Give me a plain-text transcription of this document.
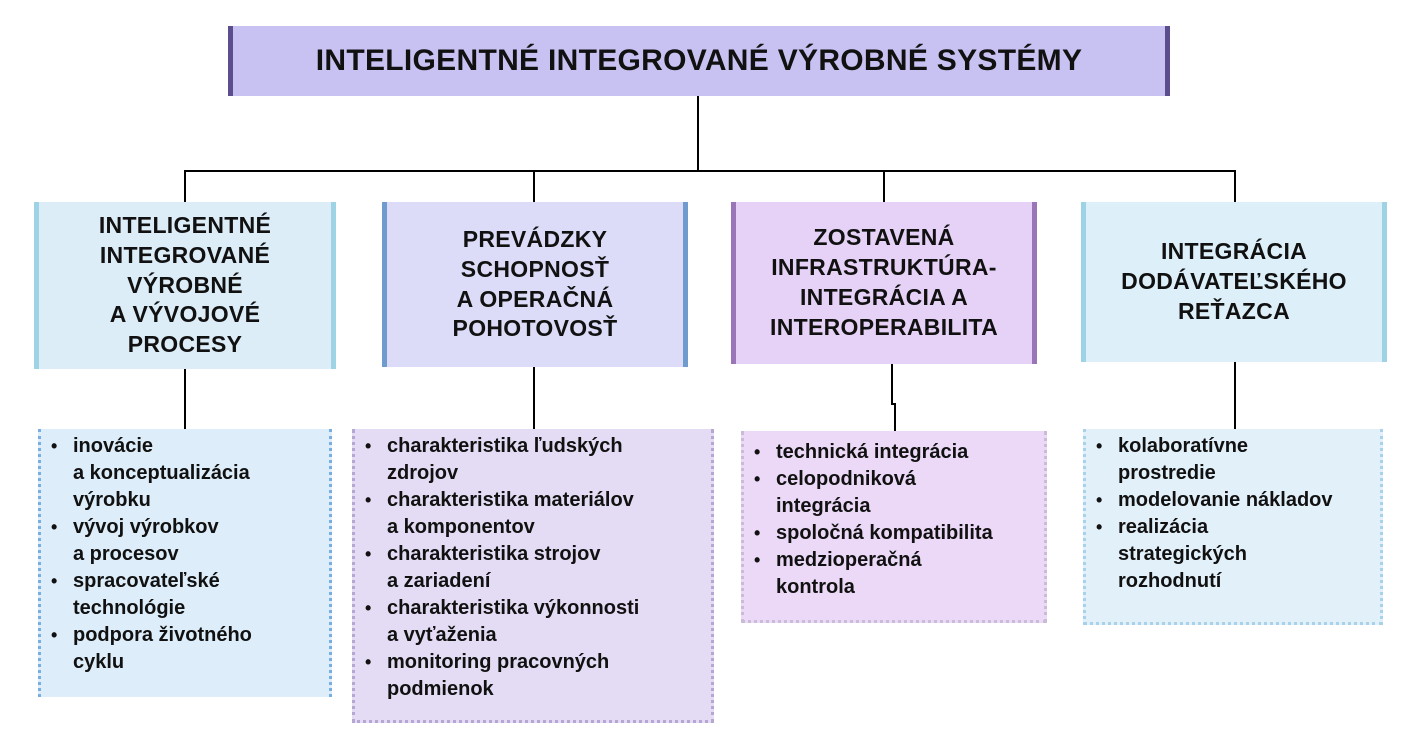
INTELIGENTNÉ INTEGROVANÉ VÝROBNÉ SYSTÉMY
INTELIGENTNÉ
INTEGROVANÉ
VÝROBNÉ
A VÝVOJOVÉ
PROCESY
PREVÁDZKY
SCHOPNOSŤ
A OPERAČNÁ
POHOTOVOSŤ
ZOSTAVENÁ
INFRASTRUKTÚRA-
INTEGRÁCIA A
INTEROPERABILITA
INTEGRÁCIA
DODÁVATEĽSKÉHO
REŤAZCA
• inovácie
a konceptualizácia
výrobku
• vývoj výrobkov
a procesov
• spracovateľské
technológie
• podpora životného
cyklu
• charakteristika ľudských
zdrojov
• charakteristika materiálov
a komponentov
• charakteristika strojov
a zariadení
• charakteristika výkonnosti
a vyťaženia
• monitoring pracovných
podmienok
• technická integrácia
• celopodniková
integrácia
• spoločná kompatibilita
• medzioperačná
kontrola
• kolaboratívne
prostredie
• modelovanie nákladov
• realizácia
strategických
rozhodnutí
